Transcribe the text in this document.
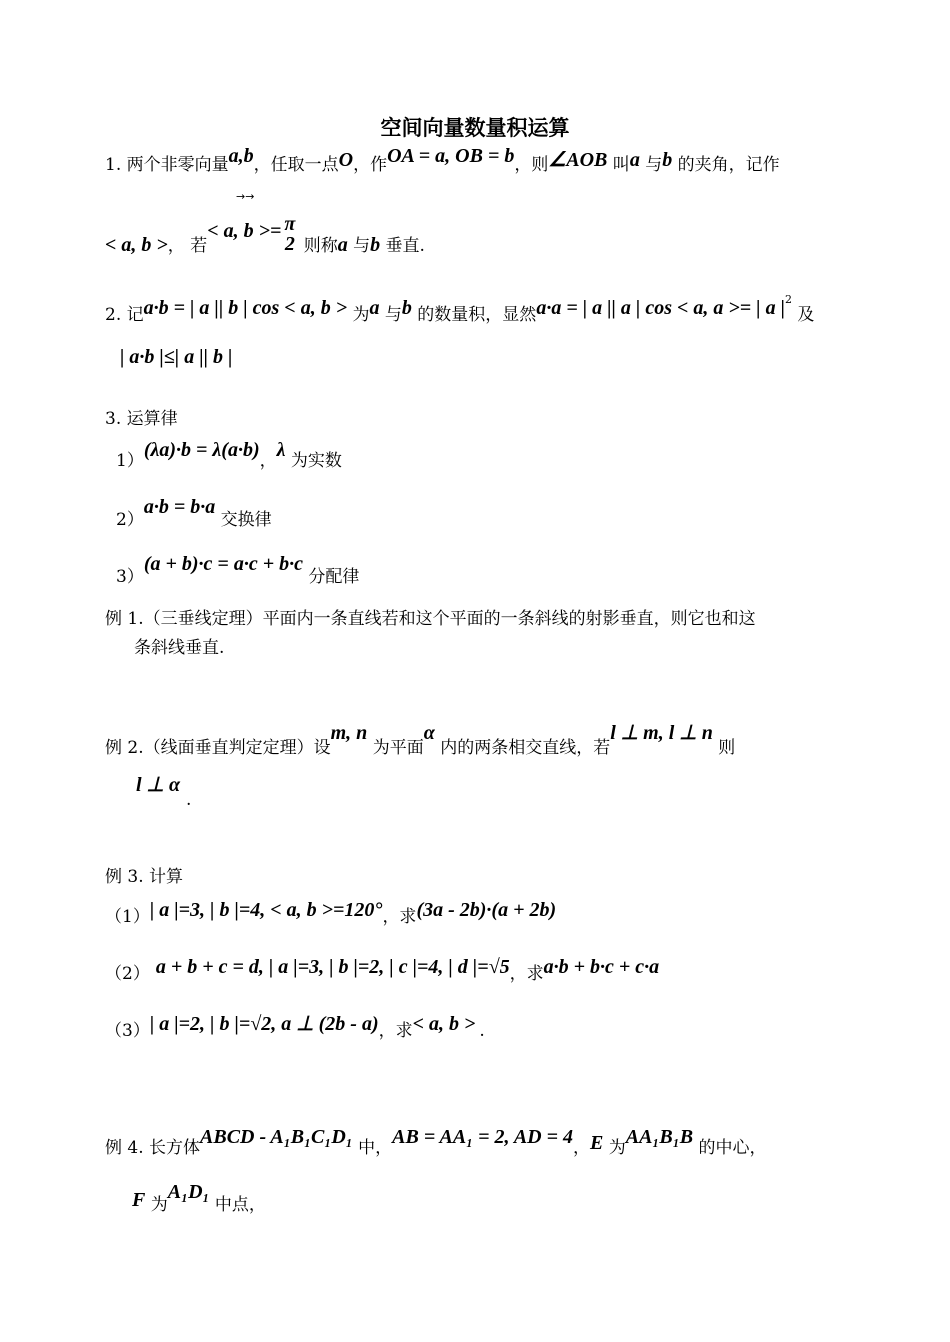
空间向量数量积运算
1. 两个非零向量a,b，任取一点O，作OA = a, OB = b，则∠AOB 叫a 与b 的夹角，记作
→→
< a, b >， 若< a, b >= π
2 则称a 与b 垂直.
2. 记a·b = | a || b | cos < a, b > 为a 与b 的数量积，显然a·a = | a || a | cos < a, a >= | a $|^2$ 及
| a·b |≤| a || b |
3. 运算律
1）(λa)·b = λ(a·b)，λ 为实数
2）a·b = b·a 交换律
3）(a + b)·c = a·c + b·c 分配律
例 1.（三垂线定理）平面内一条直线若和这个平面的一条斜线的射影垂直，则它也和这
条斜线垂直.
例 2.（线面垂直判定定理）设m, n 为平面α 内的两条相交直线，若l ⊥ m, l ⊥ n 则
l ⊥ α.
例 3. 计算
（1）| a |=3, | b |=4, < a, b >=120°，求(3a - 2b)·(a + 2b)
（2） a + b + c = d, | a |=3, | b |=2, | c |=4, | d |=√5，求a·b + b·c + c·a
（3）| a |=2, | b |=√2, a ⊥ (2b - a)，求< a, b > .
例 4. 长方体ABCD - A₁B₁C₁D₁ 中，AB = AA₁ = 2, AD = 4，E 为AA₁B₁B 的中心，
F 为A₁D₁ 中点，
